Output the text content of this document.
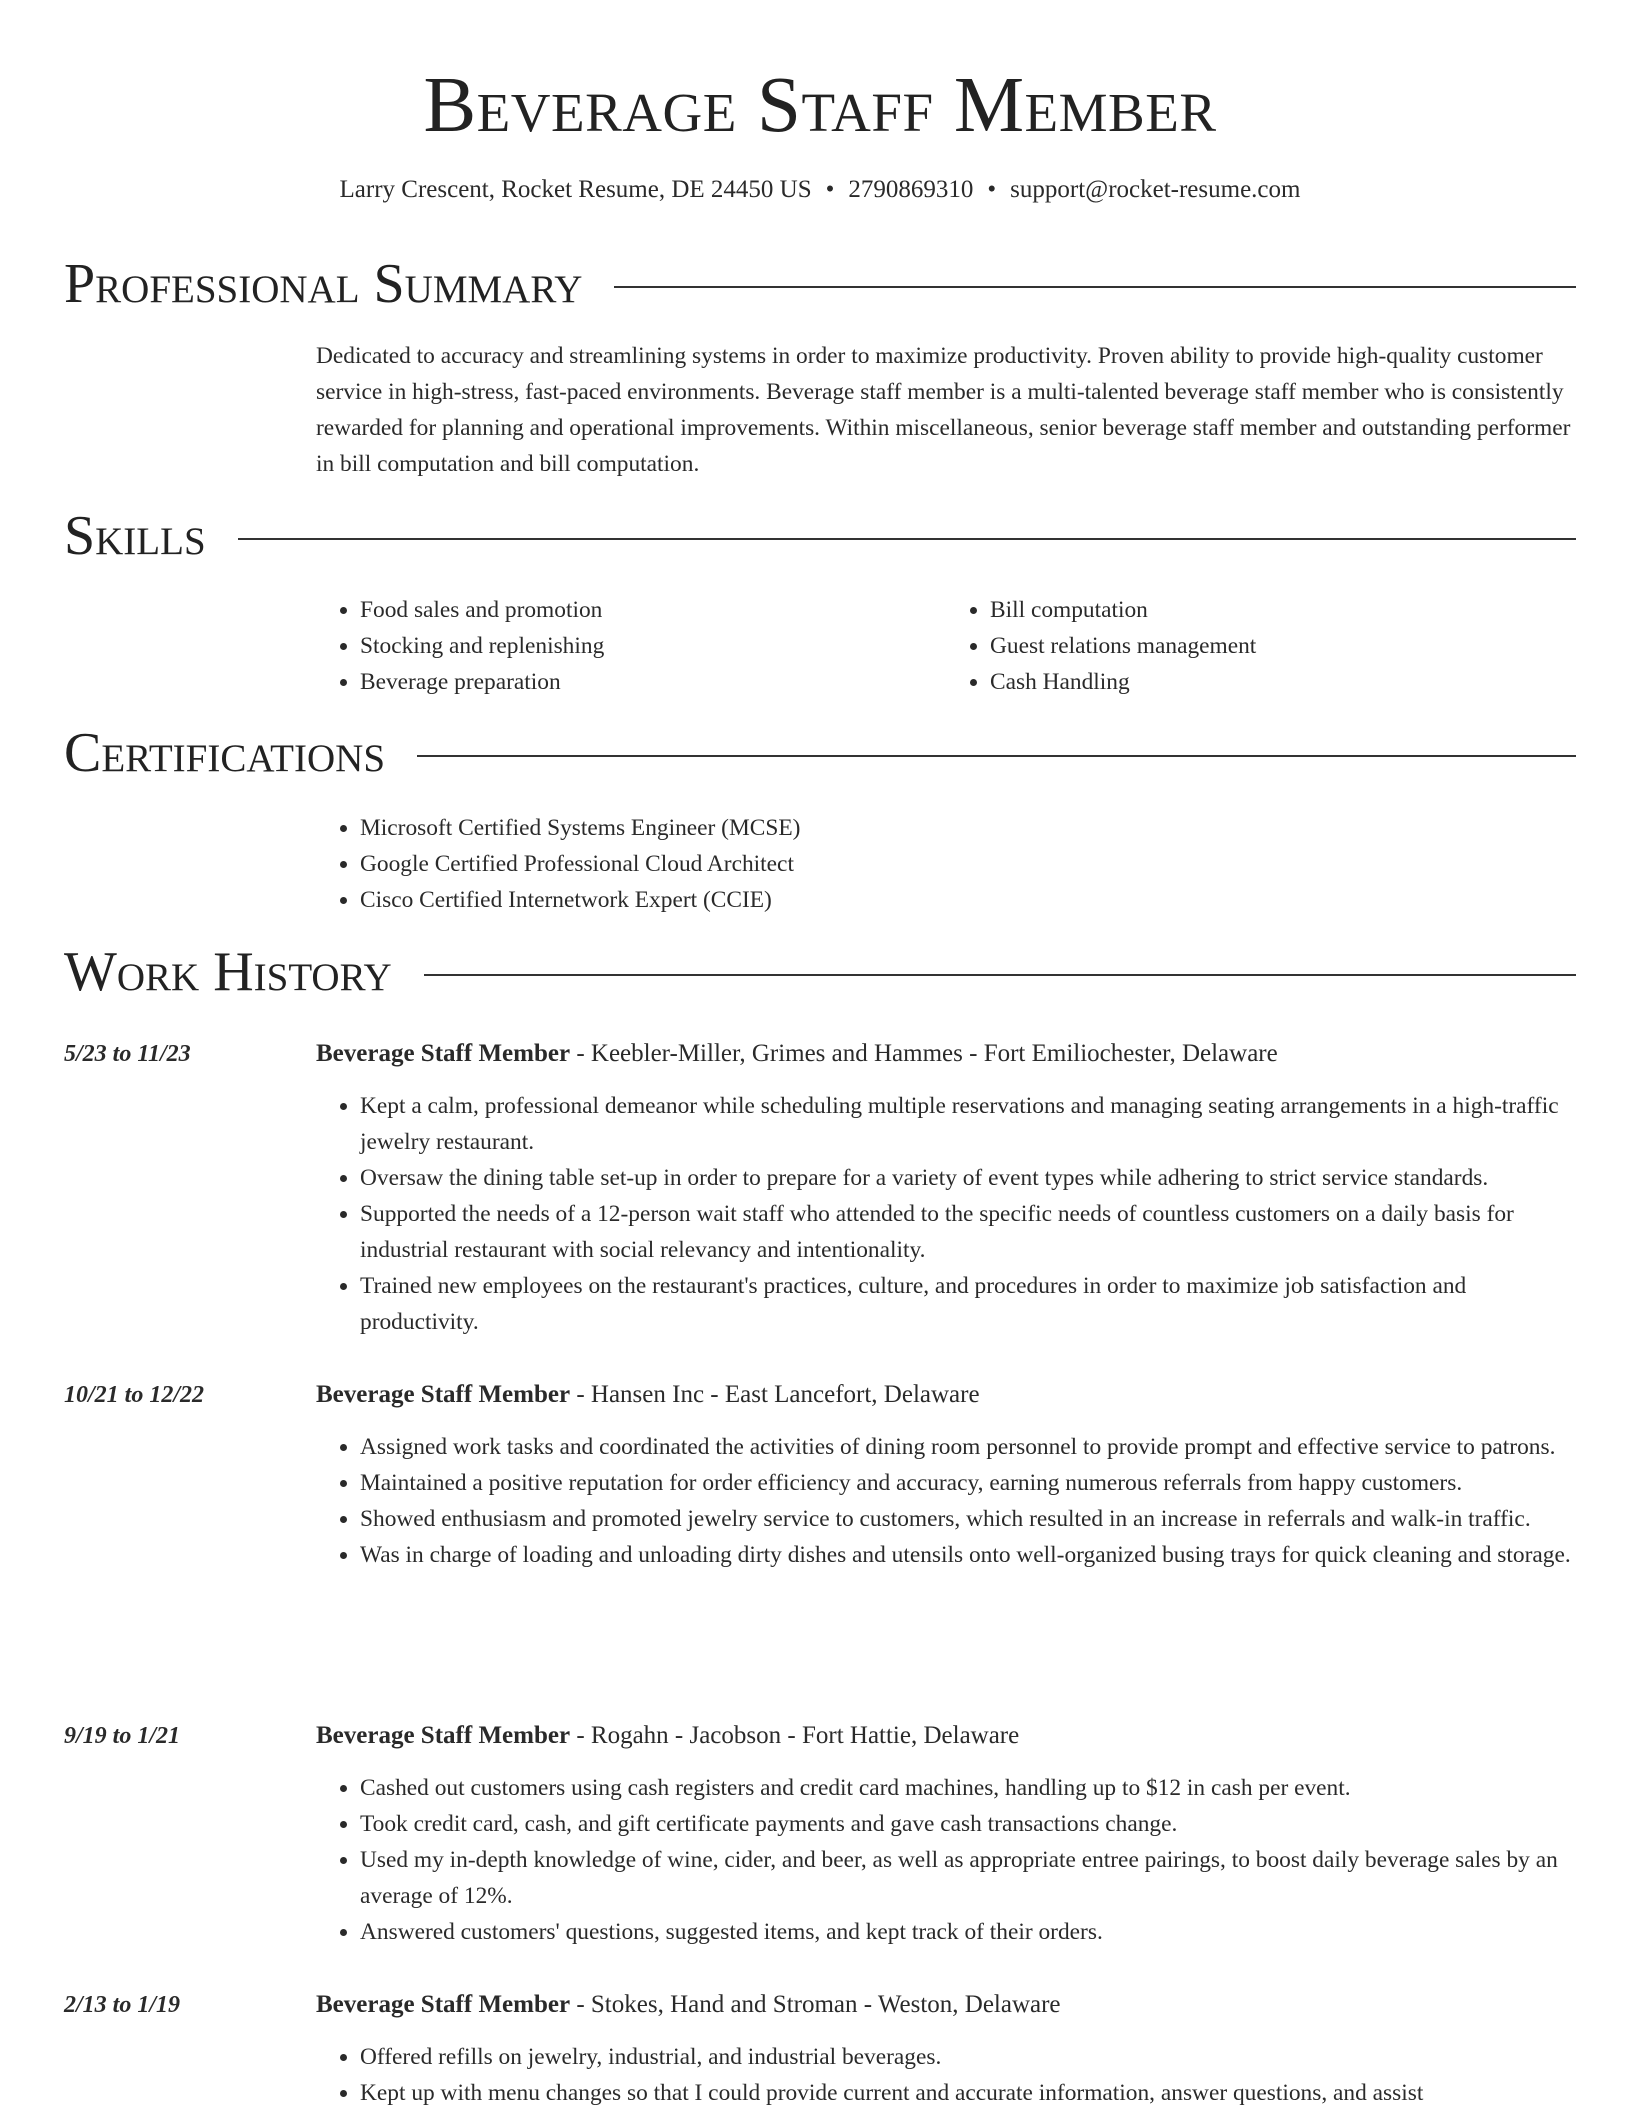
Beverage Staff Member
Larry Crescent, Rocket Resume, DE 24450 US • 2790869310 • support@rocket-resume.com
Professional Summary

Dedicated to accuracy and streamlining systems in order to maximize productivity. Proven ability to provide high-quality customer service in high-stress, fast-paced environments. Beverage staff member is a multi-talented beverage staff member who is consistently rewarded for planning and operational improvements. Within miscellaneous, senior beverage staff member and outstanding performer in bill computation and bill computation.

Skills
• Food sales and promotion
• Stocking and replenishing
• Beverage preparation
• Bill computation
• Guest relations management
• Cash Handling
Certifications
• Microsoft Certified Systems Engineer (MCSE)
• Google Certified Professional Cloud Architect
• Cisco Certified Internetwork Expert (CCIE)
Work History
5/23 to 11/23	Beverage Staff Member - Keebler-Miller, Grimes and Hammes - Fort Emiliochester, Delaware
• Kept a calm, professional demeanor while scheduling multiple reservations and managing seating arrangements in a high-traffic jewelry restaurant.
• Oversaw the dining table set-up in order to prepare for a variety of event types while adhering to strict service standards.
• Supported the needs of a 12-person wait staff who attended to the specific needs of countless customers on a daily basis for industrial restaurant with social relevancy and intentionality.
• Trained new employees on the restaurant's practices, culture, and procedures in order to maximize job satisfaction and productivity.
10/21 to 12/22	Beverage Staff Member - Hansen Inc - East Lancefort, Delaware
• Assigned work tasks and coordinated the activities of dining room personnel to provide prompt and effective service to patrons.
• Maintained a positive reputation for order efficiency and accuracy, earning numerous referrals from happy customers.
• Showed enthusiasm and promoted jewelry service to customers, which resulted in an increase in referrals and walk-in traffic.
• Was in charge of loading and unloading dirty dishes and utensils onto well-organized busing trays for quick cleaning and storage.
9/19 to 1/21	Beverage Staff Member - Rogahn - Jacobson - Fort Hattie, Delaware
• Cashed out customers using cash registers and credit card machines, handling up to $12 in cash per event.
• Took credit card, cash, and gift certificate payments and gave cash transactions change.
• Used my in-depth knowledge of wine, cider, and beer, as well as appropriate entree pairings, to boost daily beverage sales by an average of 12%.
• Answered customers' questions, suggested items, and kept track of their orders.
2/13 to 1/19	Beverage Staff Member - Stokes, Hand and Stroman - Weston, Delaware
• Offered refills on jewelry, industrial, and industrial beverages.
• Kept up with menu changes so that I could provide current and accurate information, answer questions, and assist
